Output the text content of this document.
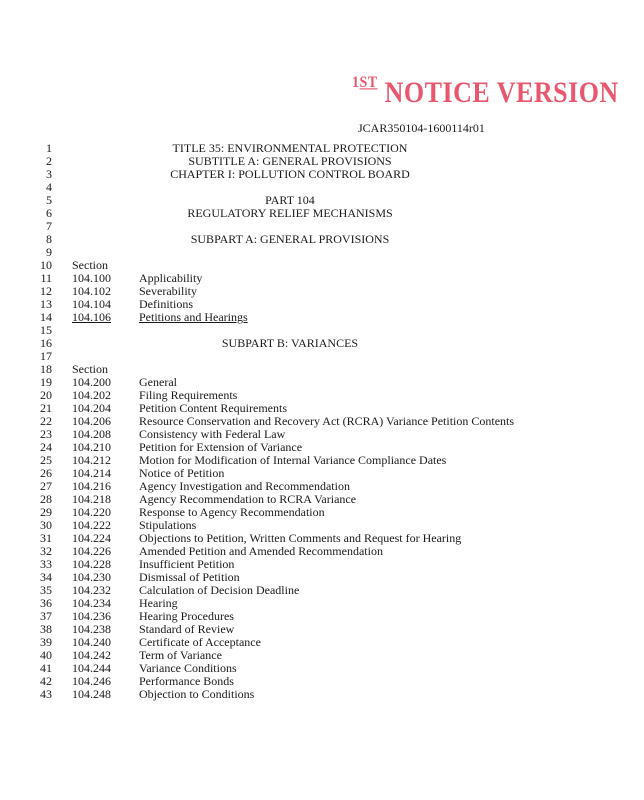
$^{1ST}$ NOTICE VERSION
JCAR350104-1600114r01
1	TITLE 35: ENVIRONMENTAL PROTECTION
2	SUBTITLE A: GENERAL PROVISIONS
3	CHAPTER I: POLLUTION CONTROL BOARD
4
5	PART 104
6	REGULATORY RELIEF MECHANISMS
7
8	SUBPART A: GENERAL PROVISIONS
9
10 Section
11 104.100 Applicability
12 104.102 Severability
13 104.104 Definitions
14 104.106 Petitions and Hearings
15
16	SUBPART B: VARIANCES
17
18 Section
19 104.200 General
20 104.202 Filing Requirements
21 104.204 Petition Content Requirements
22 104.206 Resource Conservation and Recovery Act (RCRA) Variance Petition Contents
23 104.208 Consistency with Federal Law
24 104.210 Petition for Extension of Variance
25 104.212 Motion for Modification of Internal Variance Compliance Dates
26 104.214 Notice of Petition
27 104.216 Agency Investigation and Recommendation
28 104.218 Agency Recommendation to RCRA Variance
29 104.220 Response to Agency Recommendation
30 104.222 Stipulations
31 104.224 Objections to Petition, Written Comments and Request for Hearing
32 104.226 Amended Petition and Amended Recommendation
33 104.228 Insufficient Petition
34 104.230 Dismissal of Petition
35 104.232 Calculation of Decision Deadline
36 104.234 Hearing
37 104.236 Hearing Procedures
38 104.238 Standard of Review
39 104.240 Certificate of Acceptance
40 104.242 Term of Variance
41 104.244 Variance Conditions
42 104.246 Performance Bonds
43 104.248 Objection to Conditions
